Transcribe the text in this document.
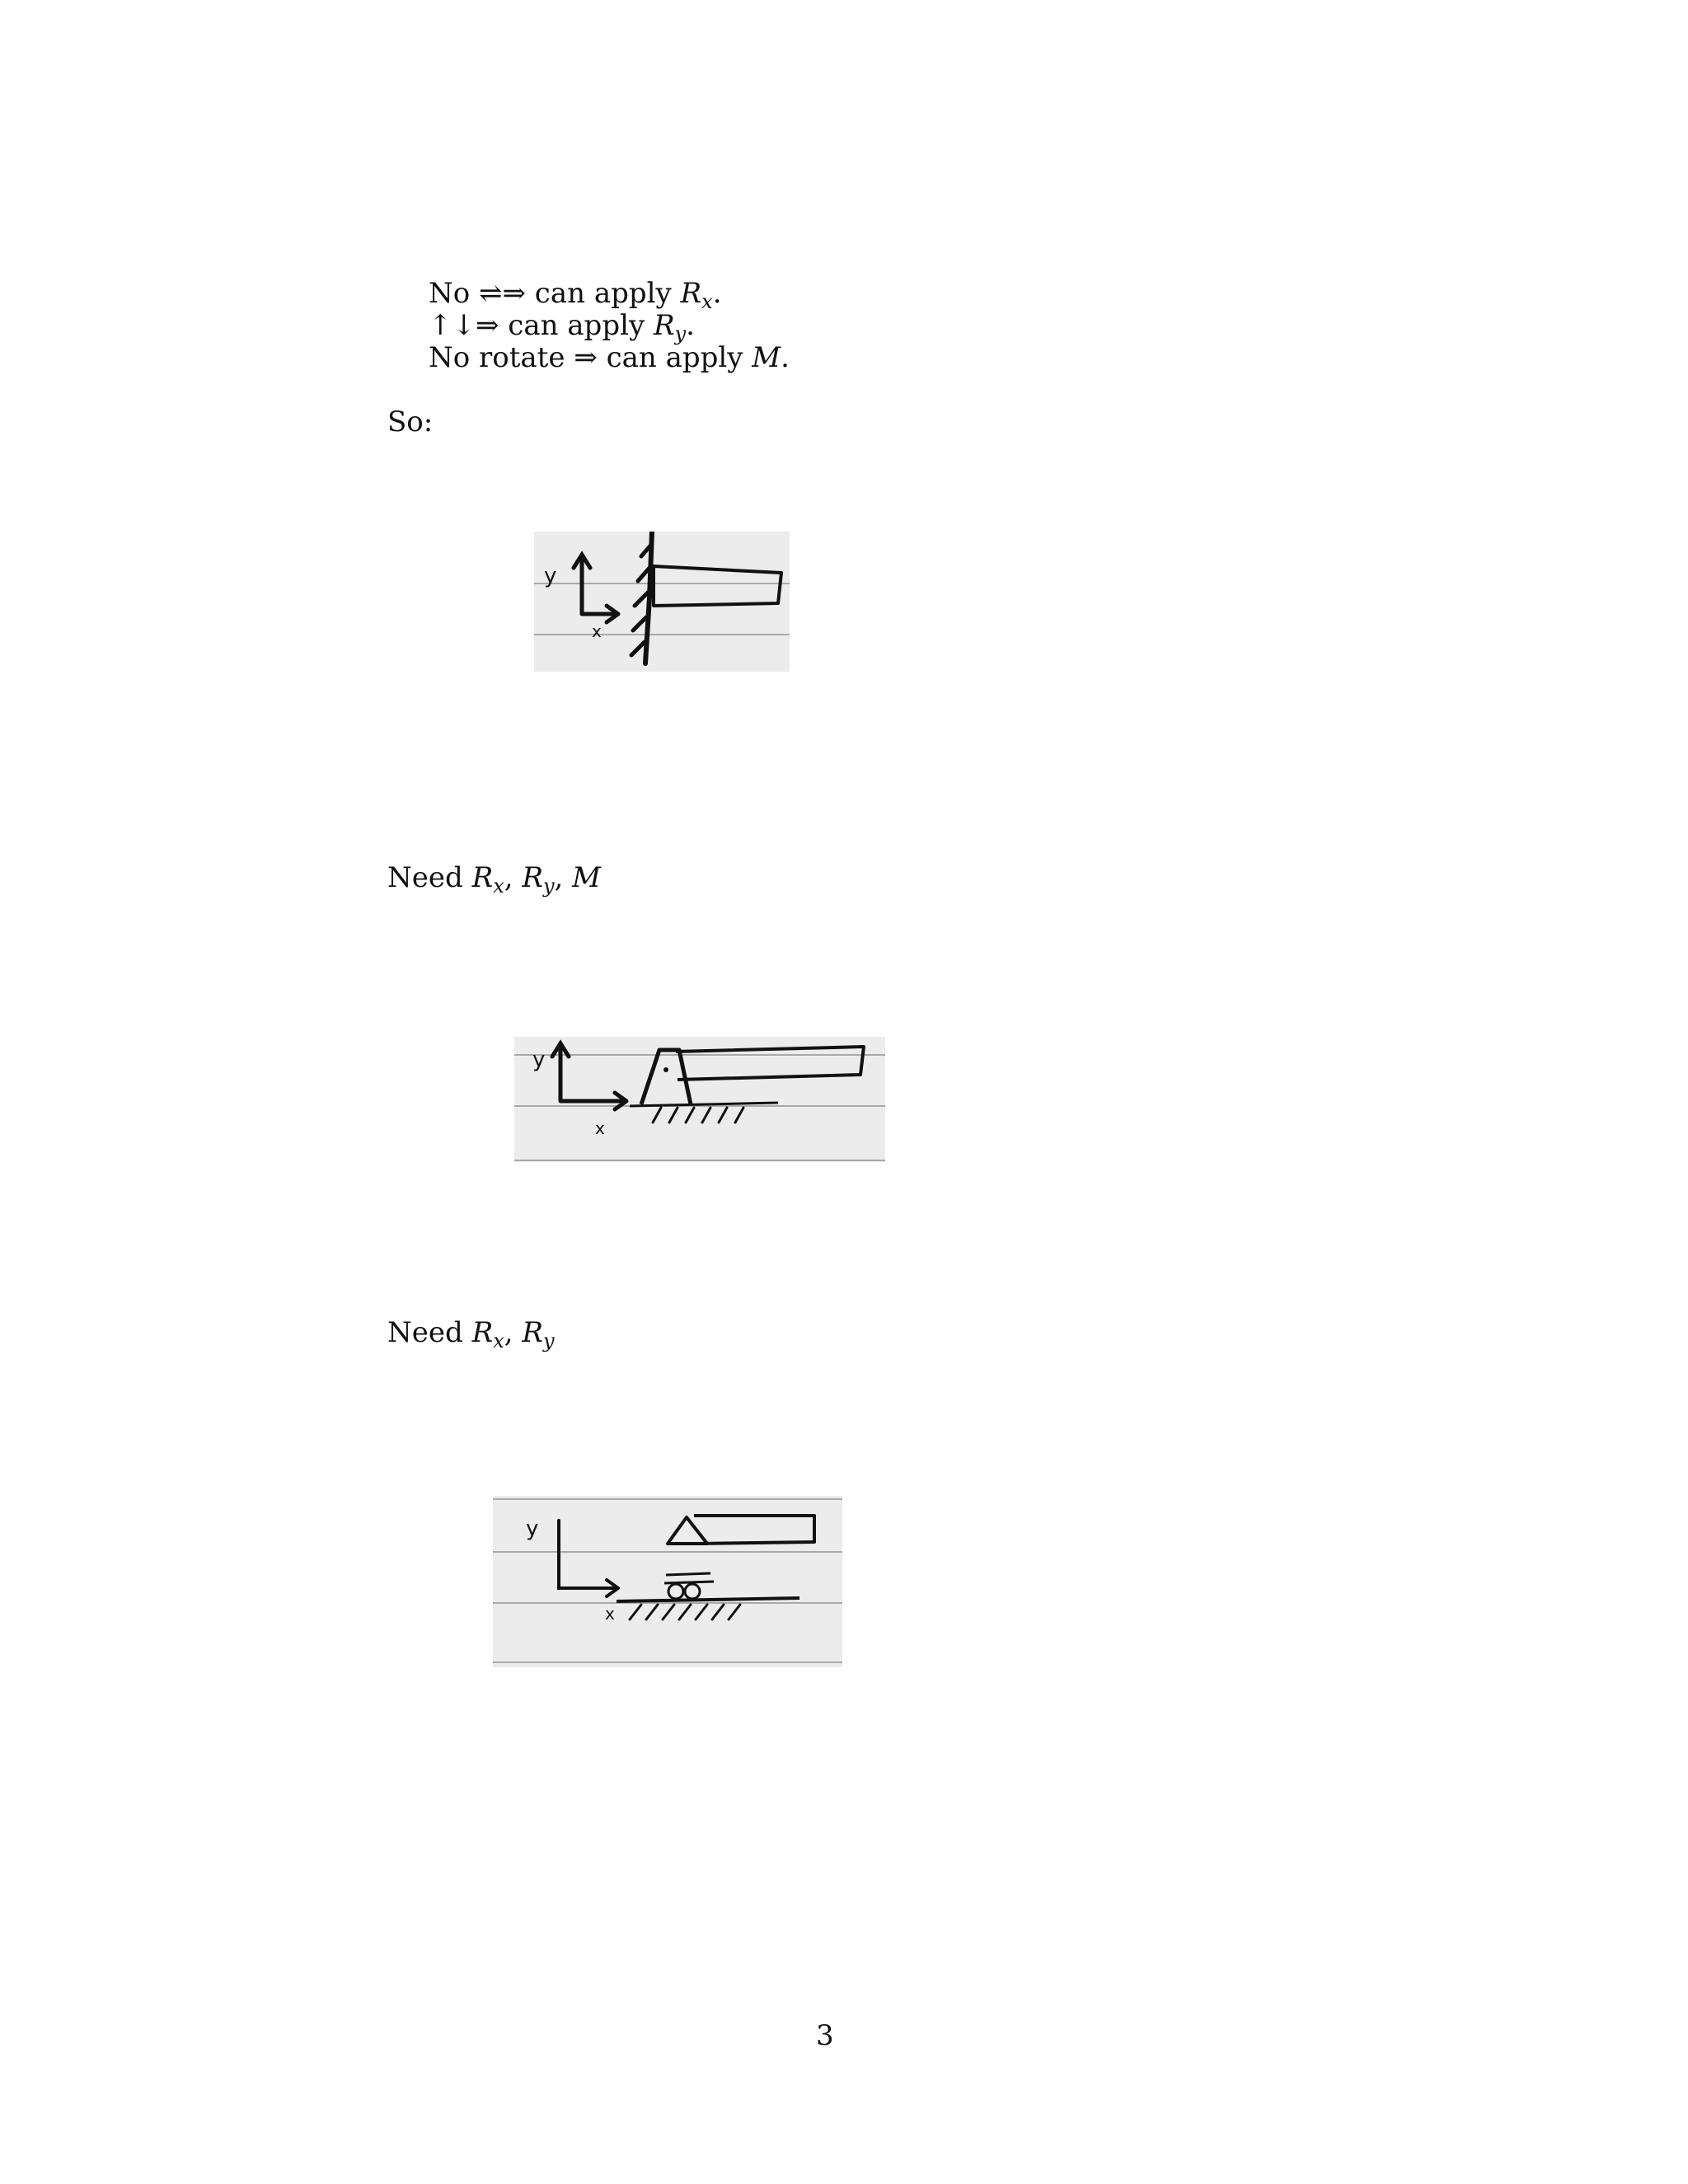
No ⇌⇒ can apply $R_x$.
↑↓⇒ can apply $R_y$.
No rotate ⇒ can apply M.
So:
y
x
Need $R_x$, $R_y$, M
y
x
Need $R_x$, $R_y$
y
x
3
